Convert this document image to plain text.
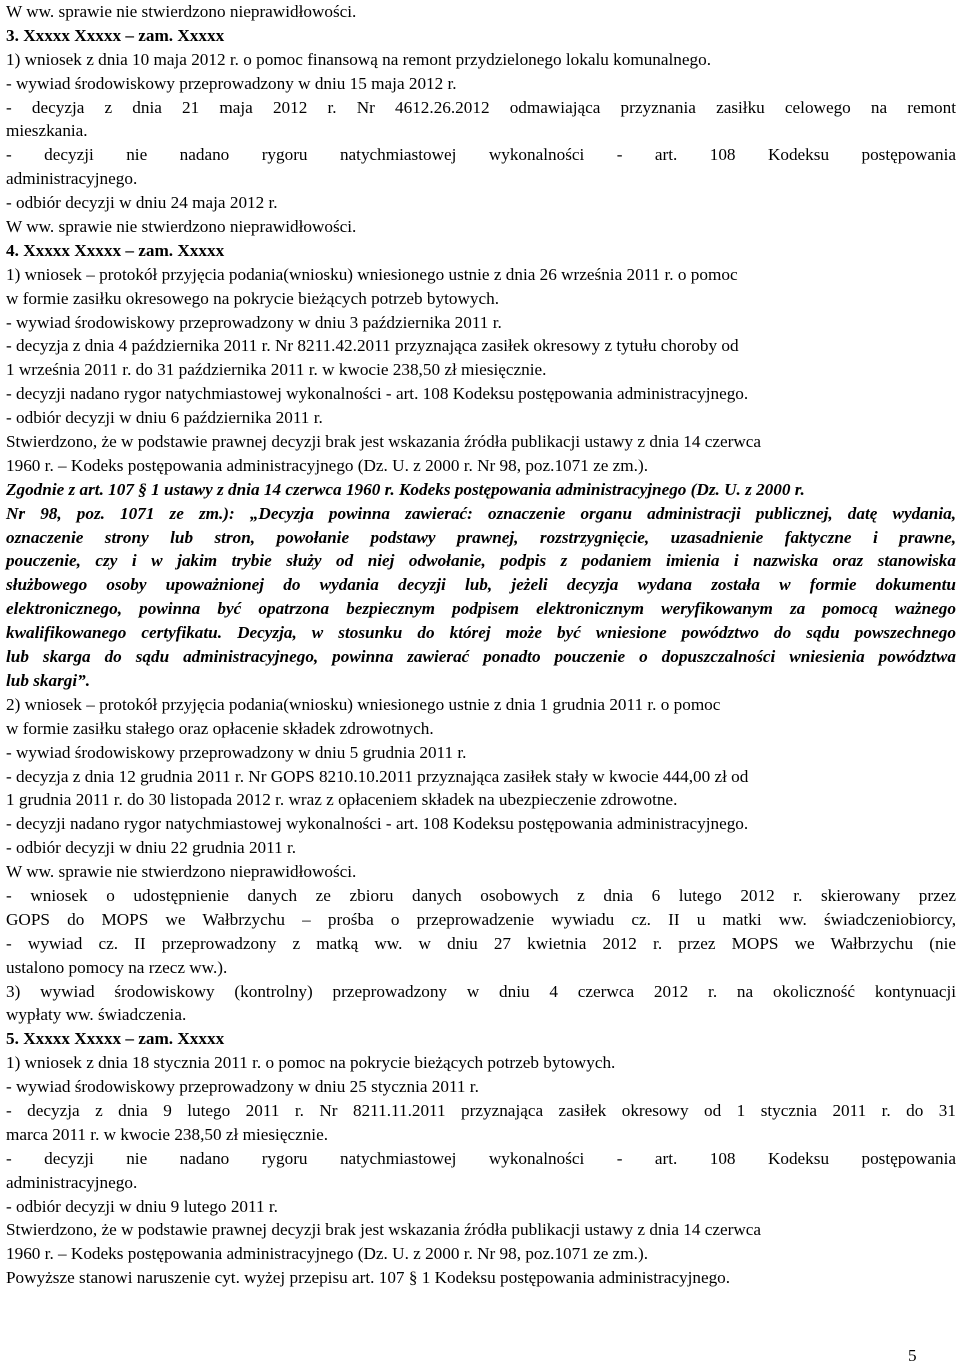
W ww. sprawie nie stwierdzono nieprawidłowości.
3. Xxxxx Xxxxx – zam. Xxxxx
1) wniosek z dnia 10 maja 2012 r. o pomoc finansową na remont przydzielonego lokalu komunalnego.
- wywiad środowiskowy przeprowadzony w dniu 15 maja 2012 r.
- decyzja z dnia 21 maja 2012 r. Nr 4612.26.2012 odmawiająca przyznania zasiłku celowego na remont
mieszkania.
- decyzji nie nadano rygoru natychmiastowej wykonalności - art. 108 Kodeksu postępowania
administracyjnego.
- odbiór decyzji w dniu 24 maja 2012 r.
W ww. sprawie nie stwierdzono nieprawidłowości.
4. Xxxxx Xxxxx – zam. Xxxxx
1) wniosek – protokół przyjęcia podania(wniosku) wniesionego ustnie z dnia 26 września 2011 r. o pomoc
w formie zasiłku okresowego na pokrycie bieżących potrzeb bytowych.
- wywiad środowiskowy przeprowadzony w dniu 3 października 2011 r.
- decyzja z dnia 4 października 2011 r. Nr 8211.42.2011 przyznająca zasiłek okresowy z tytułu choroby od
1 września 2011 r. do 31 października 2011 r. w kwocie 238,50 zł miesięcznie.
- decyzji nadano rygor natychmiastowej wykonalności - art. 108 Kodeksu postępowania administracyjnego.
- odbiór decyzji w dniu 6 października 2011 r.
Stwierdzono, że w podstawie prawnej decyzji brak jest wskazania źródła publikacji ustawy z dnia 14 czerwca
1960 r. – Kodeks postępowania administracyjnego (Dz. U. z 2000 r. Nr 98, poz.1071 ze zm.).
Zgodnie z art. 107 § 1 ustawy z dnia 14 czerwca 1960 r. Kodeks postępowania administracyjnego (Dz. U. z 2000 r.
Nr 98, poz. 1071 ze zm.): „Decyzja powinna zawierać: oznaczenie organu administracji publicznej, datę wydania,
oznaczenie strony lub stron, powołanie podstawy prawnej, rozstrzygnięcie, uzasadnienie faktyczne i prawne,
pouczenie, czy i w jakim trybie służy od niej odwołanie, podpis z podaniem imienia i nazwiska oraz stanowiska
służbowego osoby upoważnionej do wydania decyzji lub, jeżeli decyzja wydana została w formie dokumentu
elektronicznego, powinna być opatrzona bezpiecznym podpisem elektronicznym weryfikowanym za pomocą ważnego
kwalifikowanego certyfikatu. Decyzja, w stosunku do której może być wniesione powództwo do sądu powszechnego
lub skarga do sądu administracyjnego, powinna zawierać ponadto pouczenie o dopuszczalności wniesienia powództwa
lub skargi”.
2) wniosek – protokół przyjęcia podania(wniosku) wniesionego ustnie z dnia 1 grudnia 2011 r. o pomoc
w formie zasiłku stałego oraz opłacenie składek zdrowotnych.
- wywiad środowiskowy przeprowadzony w dniu 5 grudnia 2011 r.
- decyzja z dnia 12 grudnia 2011 r. Nr GOPS 8210.10.2011 przyznająca zasiłek stały w kwocie 444,00 zł od
1 grudnia 2011 r. do 30 listopada 2012 r. wraz z opłaceniem składek na ubezpieczenie zdrowotne.
- decyzji nadano rygor natychmiastowej wykonalności - art. 108 Kodeksu postępowania administracyjnego.
- odbiór decyzji w dniu 22 grudnia 2011 r.
W ww. sprawie nie stwierdzono nieprawidłowości.
- wniosek o udostępnienie danych ze zbioru danych osobowych z dnia 6 lutego 2012 r. skierowany przez
GOPS do MOPS we Wałbrzychu – prośba o przeprowadzenie wywiadu cz. II u matki ww. świadczeniobiorcy,
- wywiad cz. II przeprowadzony z matką ww. w dniu 27 kwietnia 2012 r. przez MOPS we Wałbrzychu (nie
ustalono pomocy na rzecz ww.).
3) wywiad środowiskowy (kontrolny) przeprowadzony w dniu 4 czerwca 2012 r. na okoliczność kontynuacji
wypłaty ww. świadczenia.
5. Xxxxx Xxxxx – zam. Xxxxx
1) wniosek z dnia 18 stycznia 2011 r. o pomoc na pokrycie bieżących potrzeb bytowych.
- wywiad środowiskowy przeprowadzony w dniu 25 stycznia 2011 r.
- decyzja z dnia 9 lutego 2011 r. Nr 8211.11.2011 przyznająca zasiłek okresowy od 1 stycznia 2011 r. do 31
marca 2011 r. w kwocie 238,50 zł miesięcznie.
- decyzji nie nadano rygoru natychmiastowej wykonalności - art. 108 Kodeksu postępowania
administracyjnego.
- odbiór decyzji w dniu 9 lutego 2011 r.
Stwierdzono, że w podstawie prawnej decyzji brak jest wskazania źródła publikacji ustawy z dnia 14 czerwca
1960 r. – Kodeks postępowania administracyjnego (Dz. U. z 2000 r. Nr 98, poz.1071 ze zm.).
Powyższe stanowi naruszenie cyt. wyżej przepisu art. 107 § 1 Kodeksu postępowania administracyjnego.
5
